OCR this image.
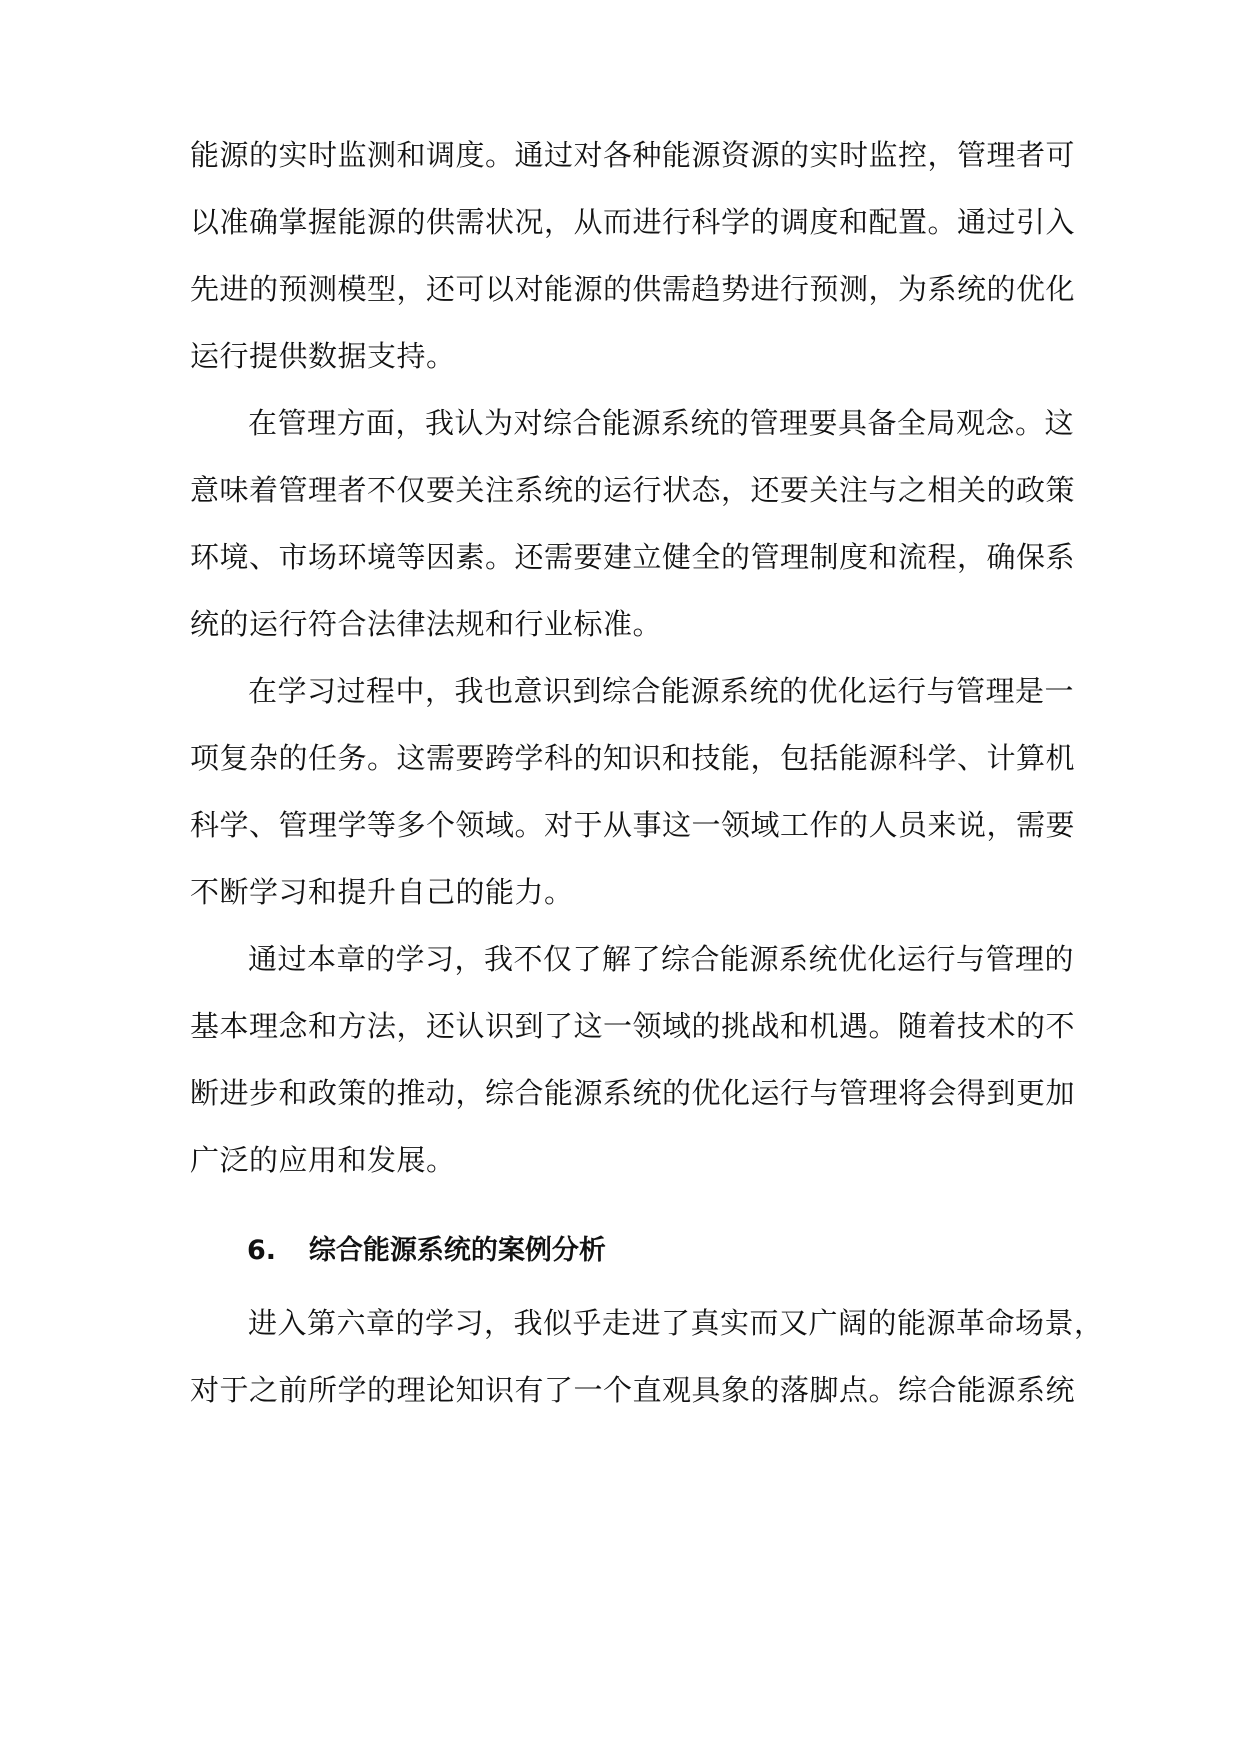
能源的实时监测和调度。通过对各种能源资源的实时监控，管理者可
以准确掌握能源的供需状况，从而进行科学的调度和配置。通过引入
先进的预测模型，还可以对能源的供需趋势进行预测，为系统的优化
运行提供数据支持。
在管理方面，我认为对综合能源系统的管理要具备全局观念。这
意味着管理者不仅要关注系统的运行状态，还要关注与之相关的政策
环境、市场环境等因素。还需要建立健全的管理制度和流程，确保系
统的运行符合法律法规和行业标准。
在学习过程中，我也意识到综合能源系统的优化运行与管理是一
项复杂的任务。这需要跨学科的知识和技能，包括能源科学、计算机
科学、管理学等多个领域。对于从事这一领域工作的人员来说，需要
不断学习和提升自己的能力。
通过本章的学习，我不仅了解了综合能源系统优化运行与管理的
基本理念和方法，还认识到了这一领域的挑战和机遇。随着技术的不
断进步和政策的推动，综合能源系统的优化运行与管理将会得到更加
广泛的应用和发展。
6. 综合能源系统的案例分析
进入第六章的学习，我似乎走进了真实而又广阔的能源革命场景，
对于之前所学的理论知识有了一个直观具象的落脚点。综合能源系统
